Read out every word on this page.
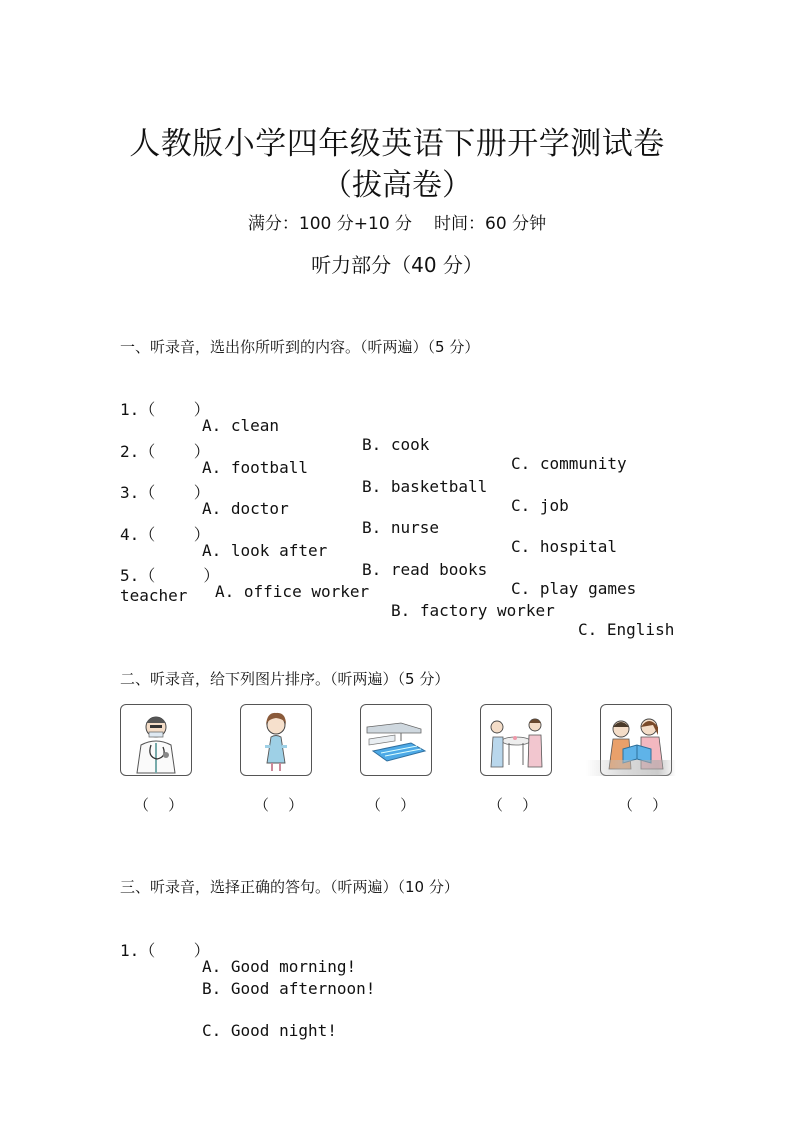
人教版小学四年级英语下册开学测试卷
（拔高卷）
满分：100 分+10 分 时间：60 分钟
听力部分（40 分）
一、听录音，选出你所听到的内容。（听两遍）（5 分）

1.（    ）

A. clean

B. cook

C. community

2.（    ）

A. football

B. basketball

C. job

3.（    ）

A. doctor

B. nurse

C. hospital

4.（    ）

A. look after

B. read books

C. play games

5.（     ）

A. office worker

B. factory worker

C. English

teacher
二、听录音，给下列图片排序。（听两遍）（5 分）
（    ）	（    ）	（    ）	（    ）	（    ）
三、听录音，选择正确的答句。（听两遍）（10 分）

1.（    ）

A. Good morning!

B. Good afternoon!

C. Good night!
